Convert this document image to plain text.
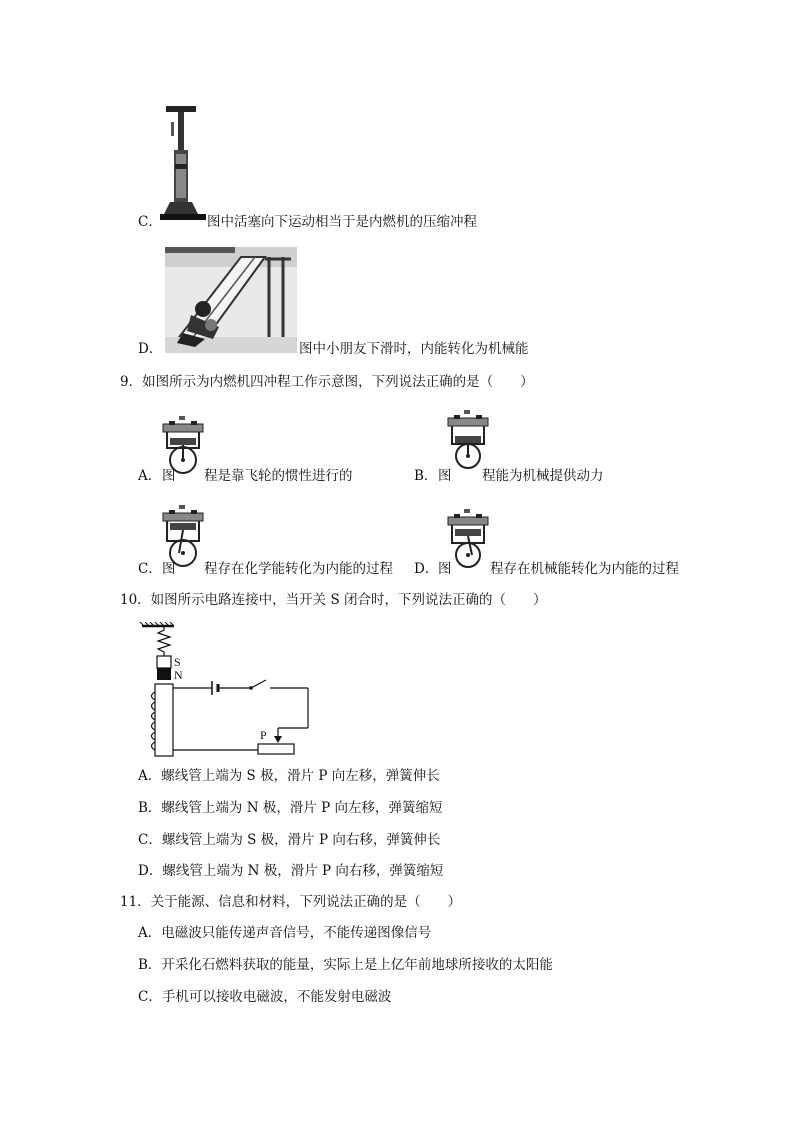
C．	图中活塞向下运动相当于是内燃机的压缩冲程
D．	图中小朋友下滑时，内能转化为机械能
9．如图所示为内燃机四冲程工作示意图，下列说法正确的是（　　）
A． 图 程是靠飞轮的惯性进行的	B． 图 程能为机械提供动力
C． 图 程存在化学能转化为内能的过程 D． 图	程存在机械能转化为内能的过程
10．如图所示电路连接中，当开关 S 闭合时，下列说法正确的（　　）
S
N
P
A．螺线管上端为 S 极，滑片 P 向左移，弹簧伸长
B．螺线管上端为 N 极，滑片 P 向左移，弹簧缩短
C．螺线管上端为 S 极，滑片 P 向右移，弹簧伸长
D．螺线管上端为 N 极，滑片 P 向右移，弹簧缩短
11．关于能源、信息和材料，下列说法正确的是（　　）
A．电磁波只能传递声音信号，不能传递图像信号
B．开采化石燃料获取的能量，实际上是上亿年前地球所接收的太阳能
C．手机可以接收电磁波，不能发射电磁波
